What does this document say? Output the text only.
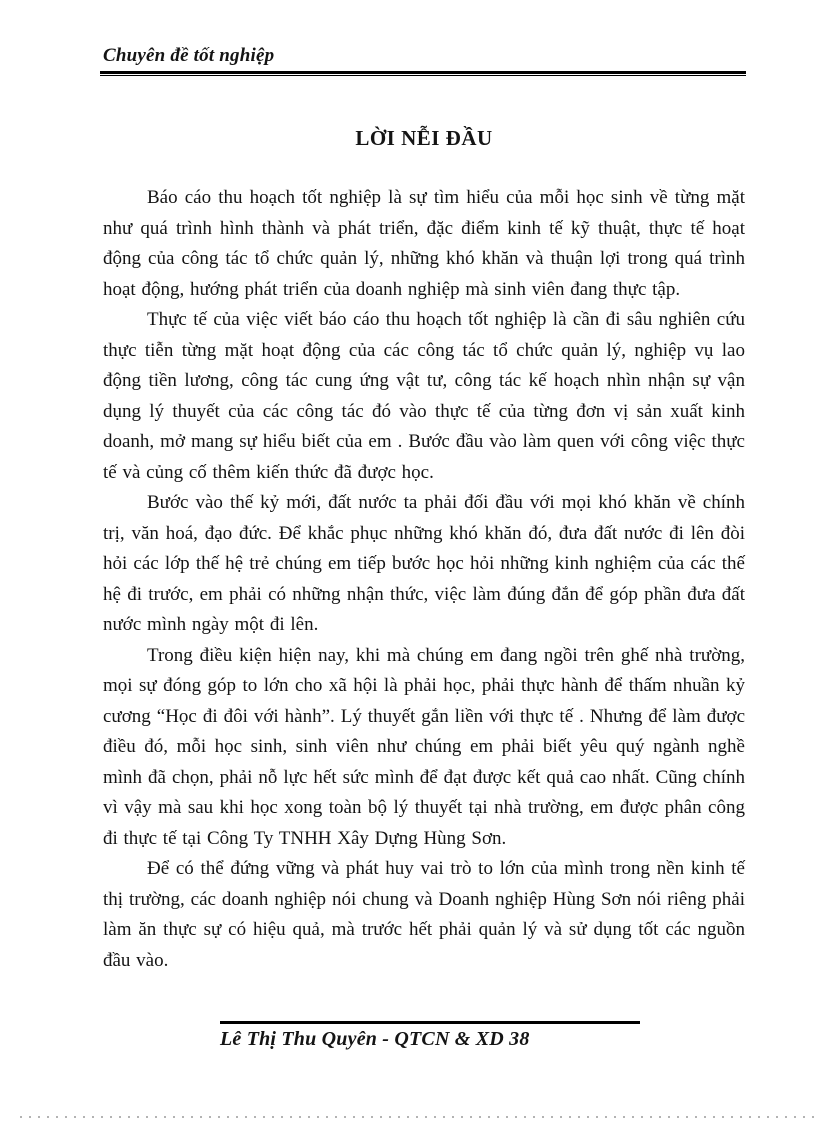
Chuyên đề tốt nghiệp
LỜI NỄI ĐẦU

Báo cáo thu hoạch tốt nghiệp là sự tìm hiểu của mỗi học sinh về từng mặt như quá trình hình thành và phát triển, đặc điểm kinh tế kỹ thuật, thực tế hoạt động của công tác tổ chức quản lý, những khó khăn và thuận lợi trong quá trình hoạt động, hướng phát triển của doanh nghiệp mà sinh viên đang thực tập.

Thực tế của việc viết báo cáo thu hoạch tốt nghiệp là cần đi sâu nghiên cứu thực tiễn từng mặt hoạt động của các công tác tổ chức quản lý, nghiệp vụ lao động tiền lương, công tác cung ứng vật tư, công tác kế hoạch nhìn nhận sự vận dụng lý thuyết của các công tác đó vào thực tế của từng đơn vị sản xuất kinh doanh, mở mang sự hiểu biết của em . Bước đầu vào làm quen với công việc thực tế và củng cố thêm kiến thức đã được học.

Bước vào thế kỷ mới, đất nước ta phải đối đầu với mọi khó khăn về chính trị, văn hoá, đạo đức. Để khắc phục những khó khăn đó, đưa đất nước đi lên đòi hỏi các lớp thế hệ trẻ chúng em tiếp bước học hỏi những kinh nghiệm của các thế hệ đi trước, em phải có những nhận thức, việc làm đúng đắn để góp phần đưa đất nước mình ngày một đi lên.

Trong điều kiện hiện nay, khi mà chúng em đang ngồi trên ghế nhà trường, mọi sự đóng góp to lớn cho xã hội là phải học, phải thực hành để thấm nhuần kỷ cương “Học đi đôi với hành”. Lý thuyết gắn liền với thực tế . Nhưng để làm được điều đó, mỗi học sinh, sinh viên như chúng em phải biết yêu quý ngành nghề mình đã chọn, phải nỗ lực hết sức mình để đạt được kết quả cao nhất. Cũng chính vì vậy mà sau khi học xong toàn bộ lý thuyết tại nhà trường, em được phân công đi thực tế tại Công Ty TNHH Xây Dựng Hùng Sơn.

Để có thể đứng vững và phát huy vai trò to lớn của mình trong nền kinh tế thị trường, các doanh nghiệp nói chung và Doanh nghiệp Hùng Sơn nói riêng phải làm ăn thực sự có hiệu quả, mà trước hết phải quản lý và sử dụng tốt các nguồn đầu vào.

Lê Thị Thu Quyên - QTCN & XD 38
